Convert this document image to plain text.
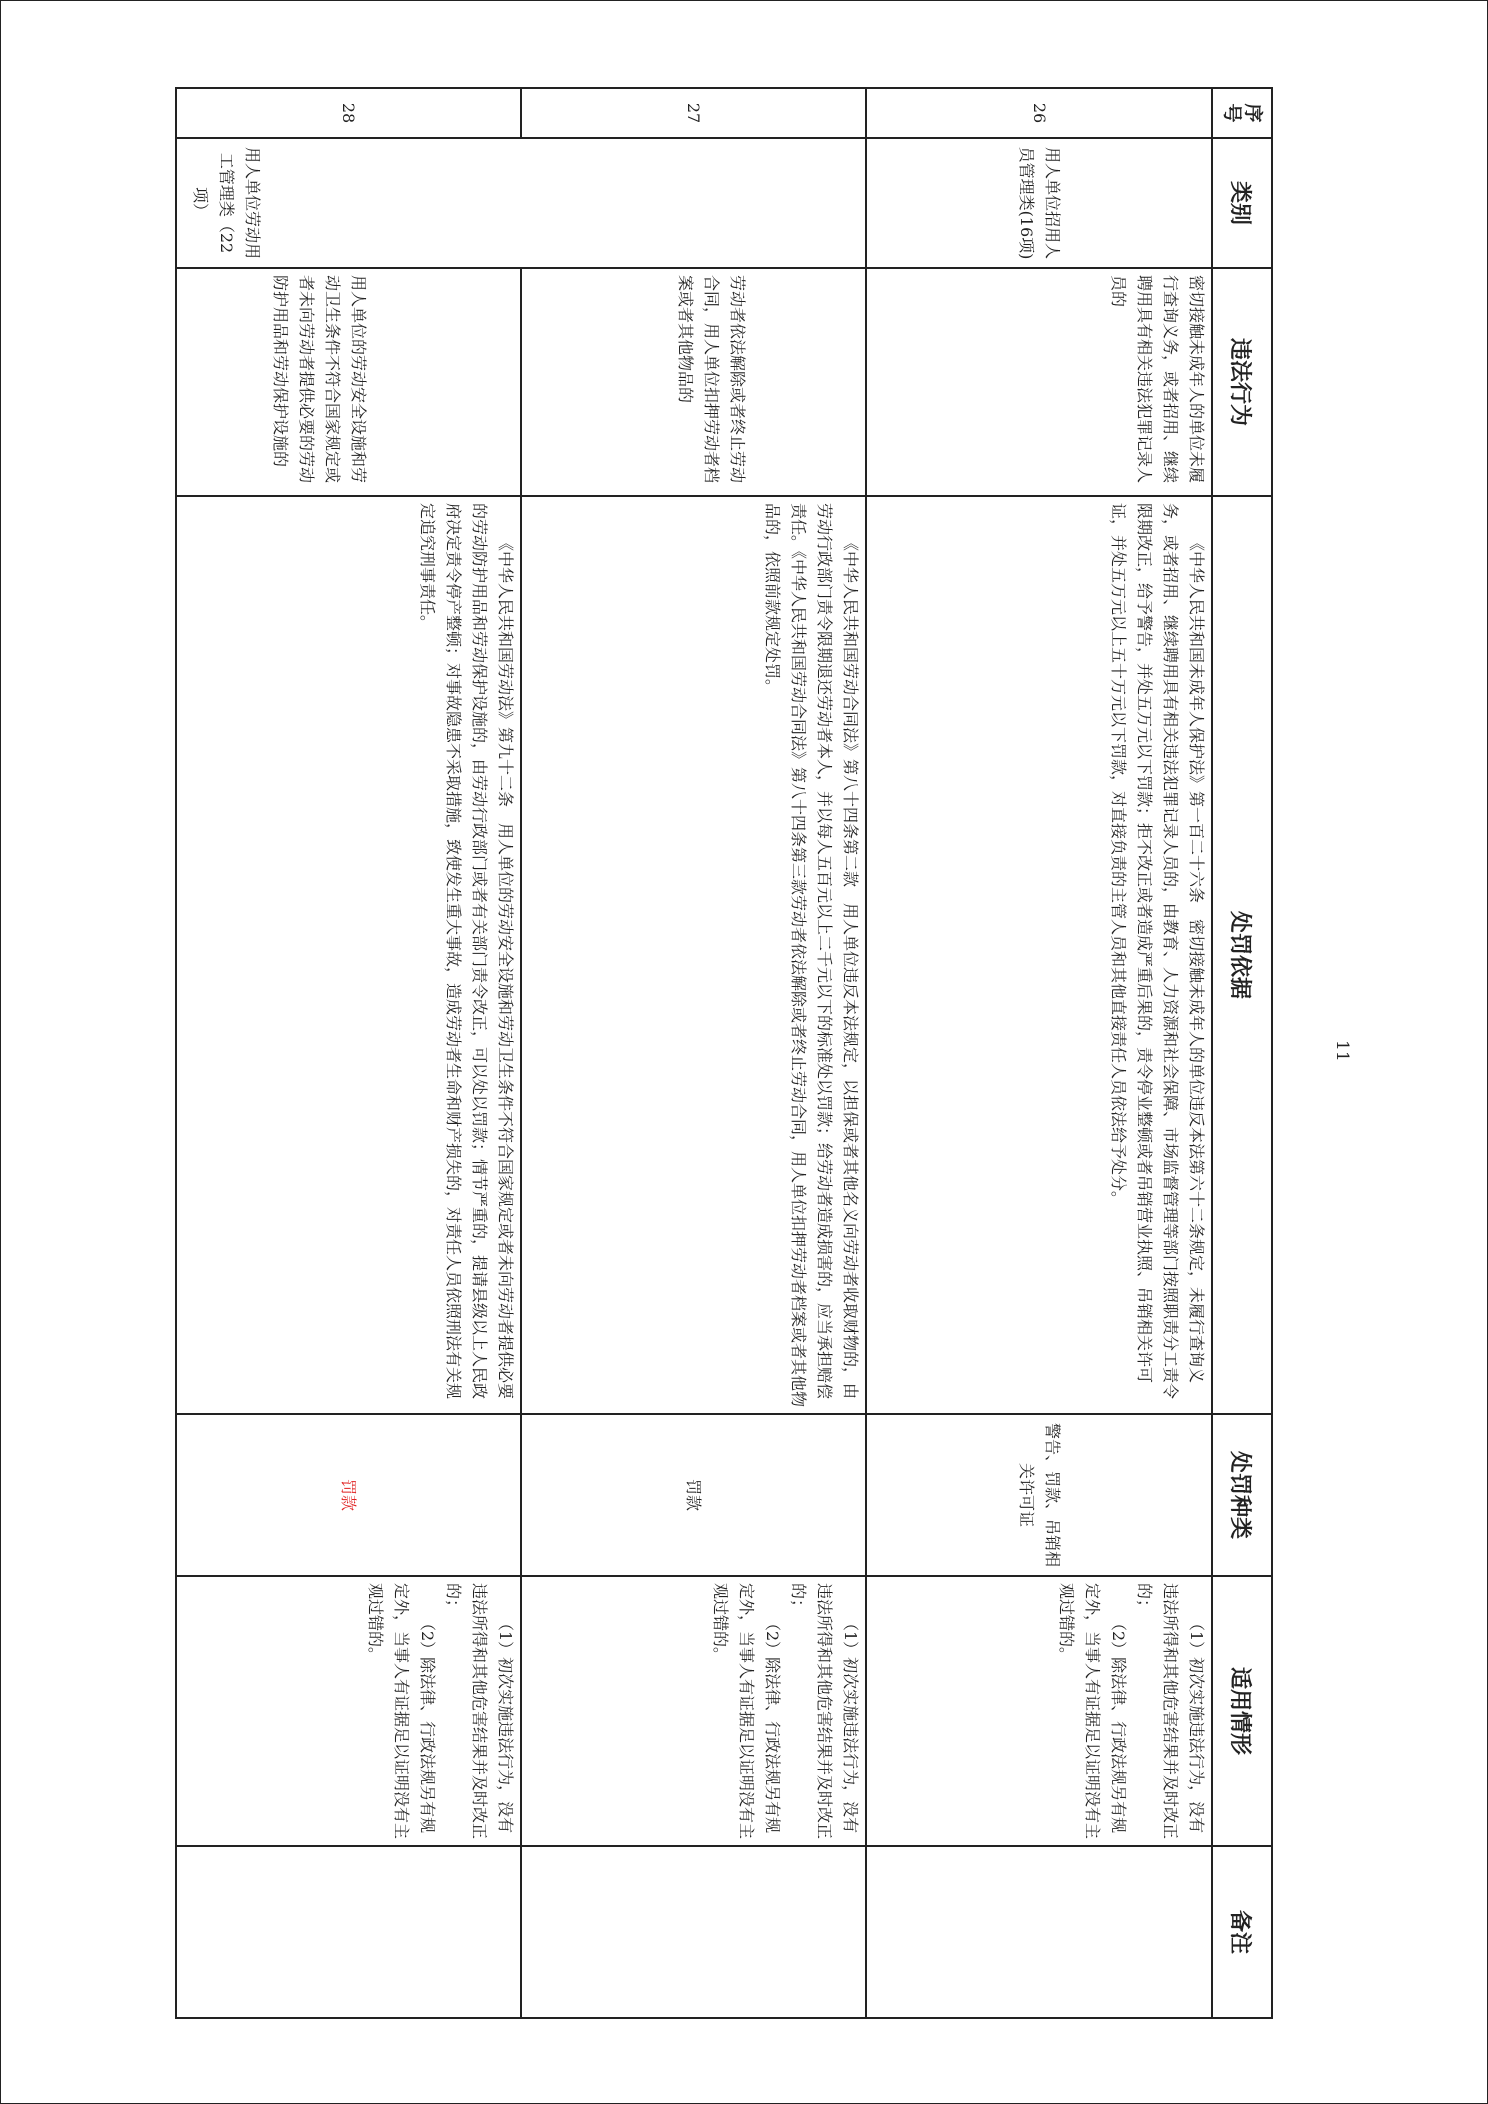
11
序号	类别	违法行为	处罚依据	处罚种类	适用情形	备注
26	用人单位招用人员管理类(16项)	密切接触未成年人的单位未履行查询义务，或者招用、继续聘用具有相关违法犯罪记录人员的	《中华人民共和国未成年人保护法》第一百二十六条　密切接触未成年人的单位违反本法第六十二条规定，未履行查询义务，或者招用、继续聘用具有相关违法犯罪记录人员的，由教育、人力资源和社会保障、市场监督管理等部门按照职责分工责令限期改正，给予警告，并处五万元以下罚款；拒不改正或者造成严重后果的，责令停业整顿或者吊销营业执照、吊销相关许可证，并处五万元以上五十万元以下罚款，对直接负责的主管人员和其他直接责任人员依法给予处分。	警告、罚款、吊销相关许可证	（1）初次实施违法行为，没有违法所得和其他危害结果并及时改正的；

（2）除法律、行政法规另有规定外，当事人有证据足以证明没有主观过错的。	

27	用人单位劳动用工管理类（22项）	劳动者依法解除或者终止劳动合同，用人单位扣押劳动者档案或者其他物品的	《中华人民共和国劳动合同法》第八十四条第二款　用人单位违反本法规定，以担保或者其他名义向劳动者收取财物的，由劳动行政部门责令限期退还劳动者本人，并以每人五百元以上二千元以下的标准处以罚款；给劳动者造成损害的，应当承担赔偿责任。《中华人民共和国劳动合同法》第八十四条第三款劳动者依法解除或者终止劳动合同，用人单位扣押劳动者档案或者其他物品的，依照前款规定处罚。	罚款	（1）初次实施违法行为，没有违法所得和其他危害结果并及时改正的；

（2）除法律、行政法规另有规定外，当事人有证据足以证明没有主观过错的。	

28		用人单位的劳动安全设施和劳动卫生条件不符合国家规定或者未向劳动者提供必要的劳动防护用品和劳动保护设施的	《中华人民共和国劳动法》第九十二条　用人单位的劳动安全设施和劳动卫生条件不符合国家规定或者未向劳动者提供必要的劳动防护用品和劳动保护设施的，由劳动行政部门或者有关部门责令改正，可以处以罚款；情节严重的，提请县级以上人民政府决定责令停产整顿；对事故隐患不采取措施，致使发生重大事故，造成劳动者生命和财产损失的，对责任人员依照刑法有关规定追究刑事责任。	罚款	（1）初次实施违法行为，没有违法所得和其他危害结果并及时改正的；

（2）除法律、行政法规另有规定外，当事人有证据足以证明没有主观过错的。	
